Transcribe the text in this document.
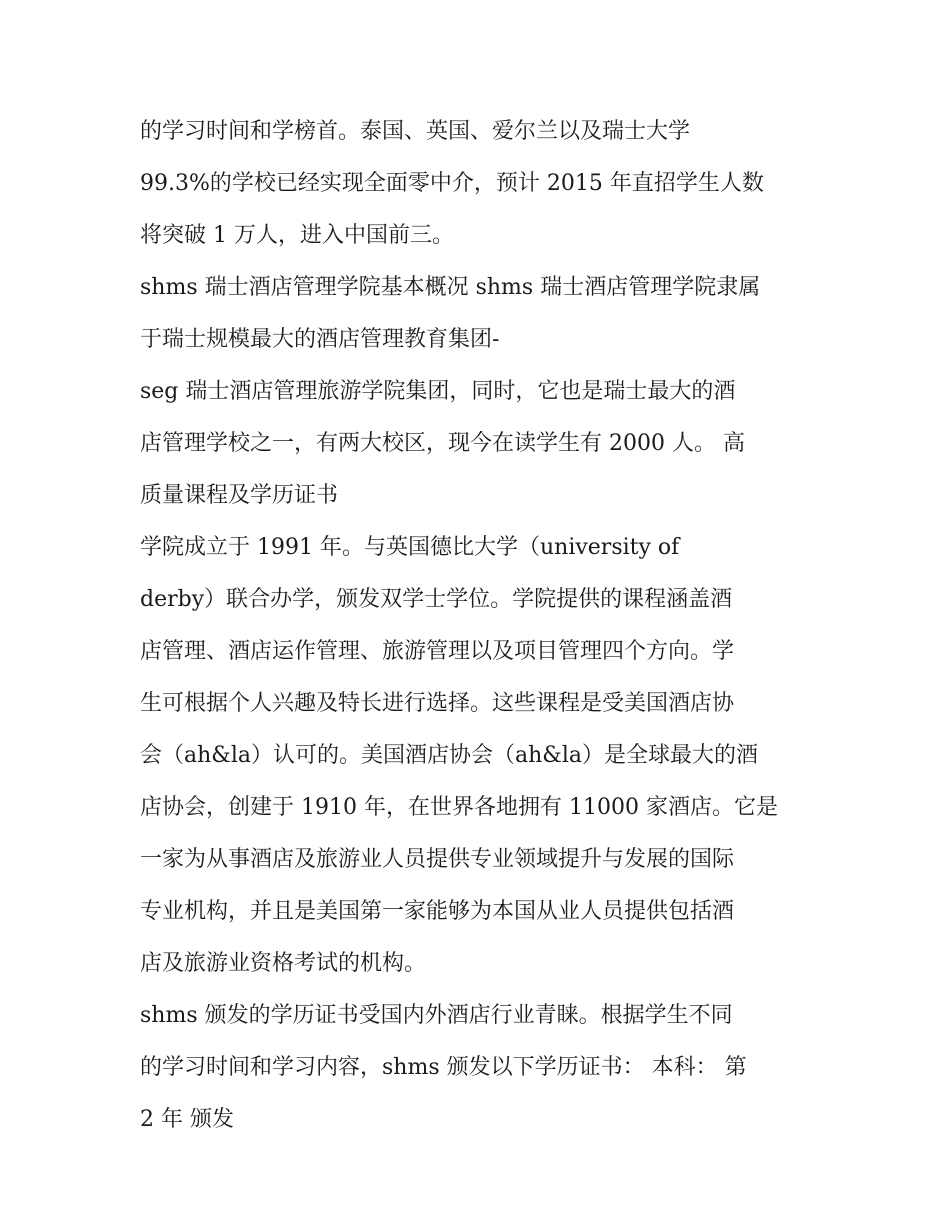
的学习时间和学榜首。泰国、英国、爱尔兰以及瑞士大学
99.3%的学校已经实现全面零中介，预计 2015 年直招学生人数
将突破 1 万人，进入中国前三。
shms 瑞士酒店管理学院基本概况 shms 瑞士酒店管理学院隶属
于瑞士规模最大的酒店管理教育集团-
seg 瑞士酒店管理旅游学院集团，同时，它也是瑞士最大的酒
店管理学校之一，有两大校区，现今在读学生有 2000 人。 高
质量课程及学历证书
学院成立于 1991 年。与英国德比大学（university of
derby）联合办学，颁发双学士学位。学院提供的课程涵盖酒
店管理、酒店运作管理、旅游管理以及项目管理四个方向。学
生可根据个人兴趣及特长进行选择。这些课程是受美国酒店协
会（ah&la）认可的。美国酒店协会（ah&la）是全球最大的酒
店协会，创建于 1910 年，在世界各地拥有 11000 家酒店。它是
一家为从事酒店及旅游业人员提供专业领域提升与发展的国际
专业机构，并且是美国第一家能够为本国从业人员提供包括酒
店及旅游业资格考试的机构。
shms 颁发的学历证书受国内外酒店行业青睐。根据学生不同
的学习时间和学习内容，shms 颁发以下学历证书： 本科： 第
2 年 颁发
